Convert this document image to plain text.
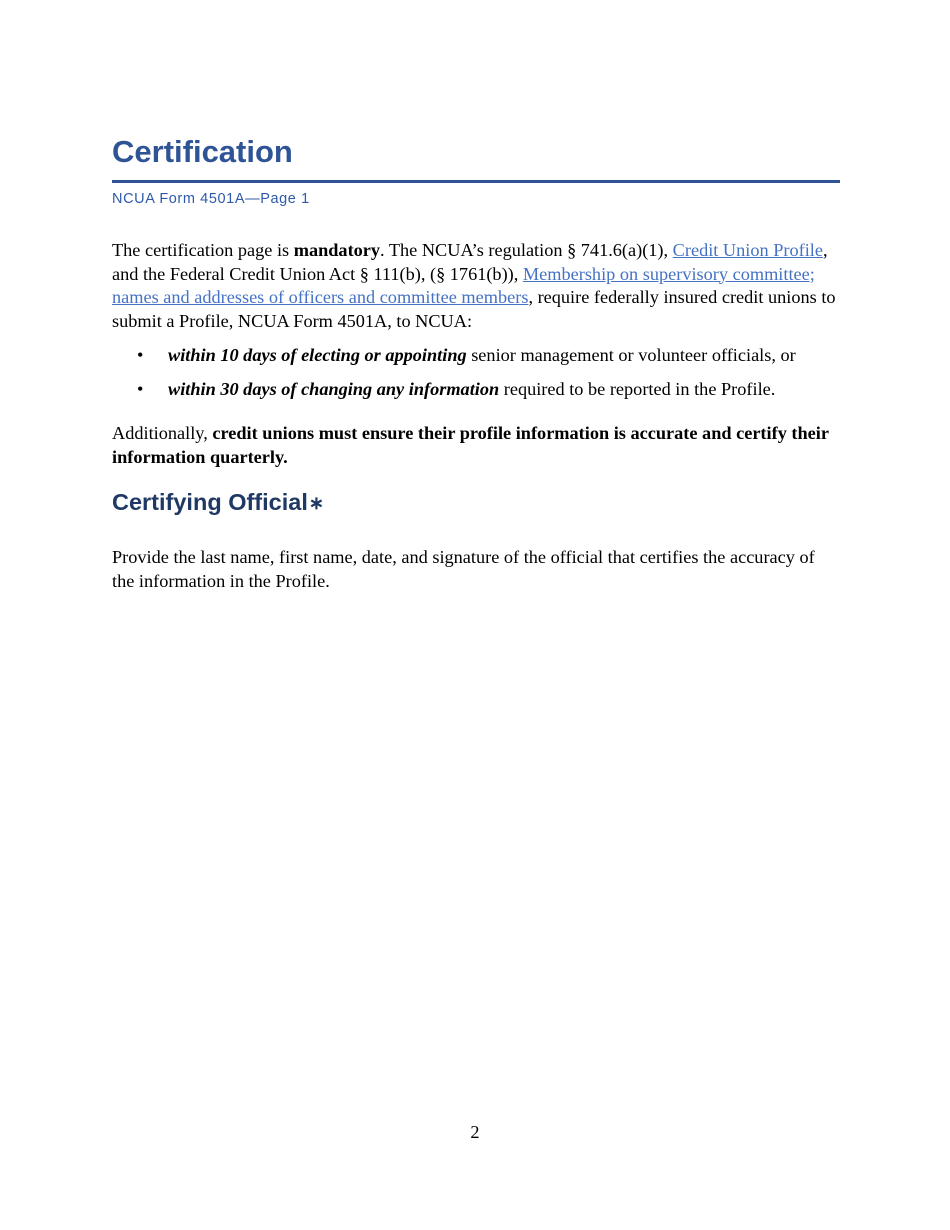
Certification
NCUA Form 4501A—Page 1

The certification page is mandatory. The NCUA’s regulation § 741.6(a)(1), Credit Union Profile, and the Federal Credit Union Act § 111(b), (§ 1761(b)), Membership on supervisory committee; names and addresses of officers and committee members, require federally insured credit unions to submit a Profile, NCUA Form 4501A, to NCUA:

• within 10 days of electing or appointing senior management or volunteer officials, or
• within 30 days of changing any information required to be reported in the Profile.

Additionally, credit unions must ensure their profile information is accurate and certify their information quarterly.

Certifying Official∗

Provide the last name, first name, date, and signature of the official that certifies the accuracy of the information in the Profile.

2
